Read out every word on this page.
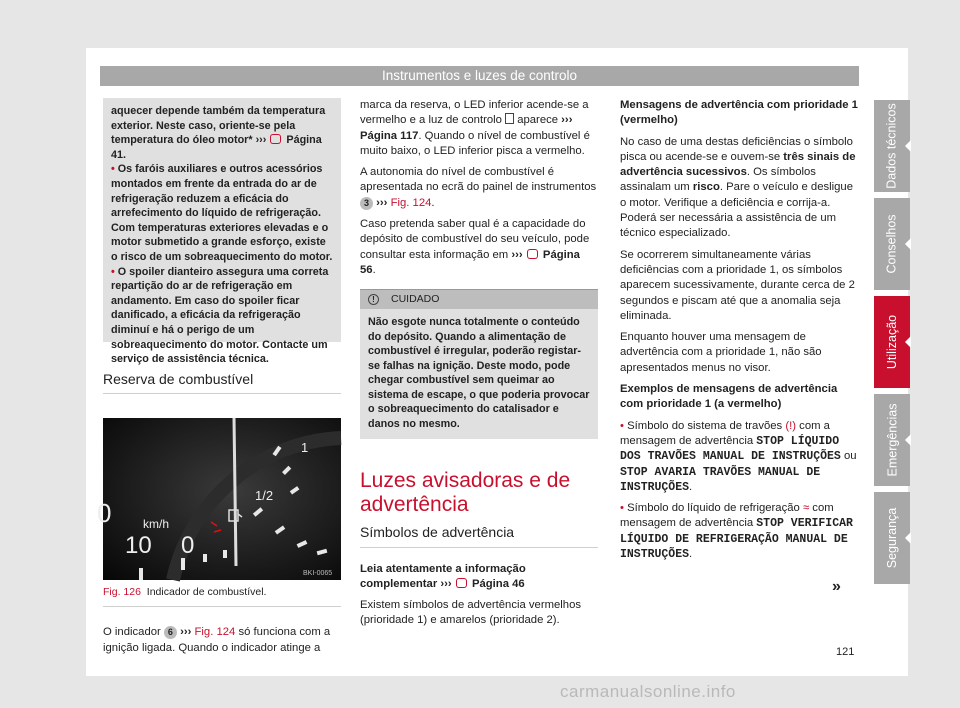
Instrumentos e luzes de controlo

aquecer depende também da temperatura exterior. Neste caso, oriente-se pela temperatura do óleo motor* ››› Página 41.

• Os faróis auxiliares e outros acessórios montados em frente da entrada do ar de refrigeração reduzem a eficácia do arrefecimento do líquido de refrigeração. Com temperaturas exteriores elevadas e o motor submetido a grande esforço, existe o risco de um sobreaquecimento do motor.

• O spoiler dianteiro assegura uma correta repartição do ar de refrigeração em andamento. Em caso do spoiler ficar danificado, a eficácia da refrigeração diminuí e há o perigo de um sobreaquecimento do motor. Contacte um serviço de assistência técnica.

Reserva de combustível
1
1/2
km/h
0
10 0
BKI-0065
Fig. 126 Indicador de combustível.

O indicador 6 ››› Fig. 124 só funciona com a ignição ligada. Quando o indicador atinge a

marca da reserva, o LED inferior acende-se a vermelho e a luz de controlo aparece ››› Página 117. Quando o nível de combustível é muito baixo, o LED inferior pisca a vermelho.

A autonomia do nível de combustível é apresentada no ecrã do painel de instrumentos 3 ››› Fig. 124.

Caso pretenda saber qual é a capacidade do depósito de combustível do seu veículo, pode consultar esta informação em ››› Página 56.

!	CUIDADO
Não esgote nunca totalmente o conteúdo do depósito. Quando a alimentação de combustível é irregular, poderão registar-se falhas na ignição. Deste modo, pode chegar combustível sem queimar ao sistema de escape, o que poderia provocar o sobreaquecimento do catalisador e danos no mesmo.
Luzes avisadoras e de advertência
Símbolos de advertência

Leia atentamente a informação complementar ››› Página 46

Existem símbolos de advertência vermelhos (prioridade 1) e amarelos (prioridade 2).

Mensagens de advertência com prioridade 1 (vermelho)

No caso de uma destas deficiências o símbolo pisca ou acende-se e ouvem-se três sinais de advertência sucessivos. Os símbolos assinalam um risco. Pare o veículo e desligue o motor. Verifique a deficiência e corrija-a. Poderá ser necessária a assistência de um técnico especializado.

Se ocorrerem simultaneamente várias deficiências com a prioridade 1, os símbolos aparecem sucessivamente, durante cerca de 2 segundos e piscam até que a anomalia seja eliminada.

Enquanto houver uma mensagem de advertência com a prioridade 1, não são apresentados menus no visor.

Exemplos de mensagens de advertência com prioridade 1 (a vermelho)

• Símbolo do sistema de travões (!) com a mensagem de advertência STOP LÍQUIDO DOS TRAVÕES MANUAL DE INSTRUÇÕES ou STOP AVARIA TRAVÕES MANUAL DE INSTRUÇÕES.

• Símbolo do líquido de refrigeração ≈ com mensagem de advertência STOP VERIFICAR LÍQUIDO DE REFRIGERAÇÃO MANUAL DE INSTRUÇÕES.

»
121
Dados técnicos
Conselhos
Utilização
Emergências
Segurança
carmanualsonline.info
